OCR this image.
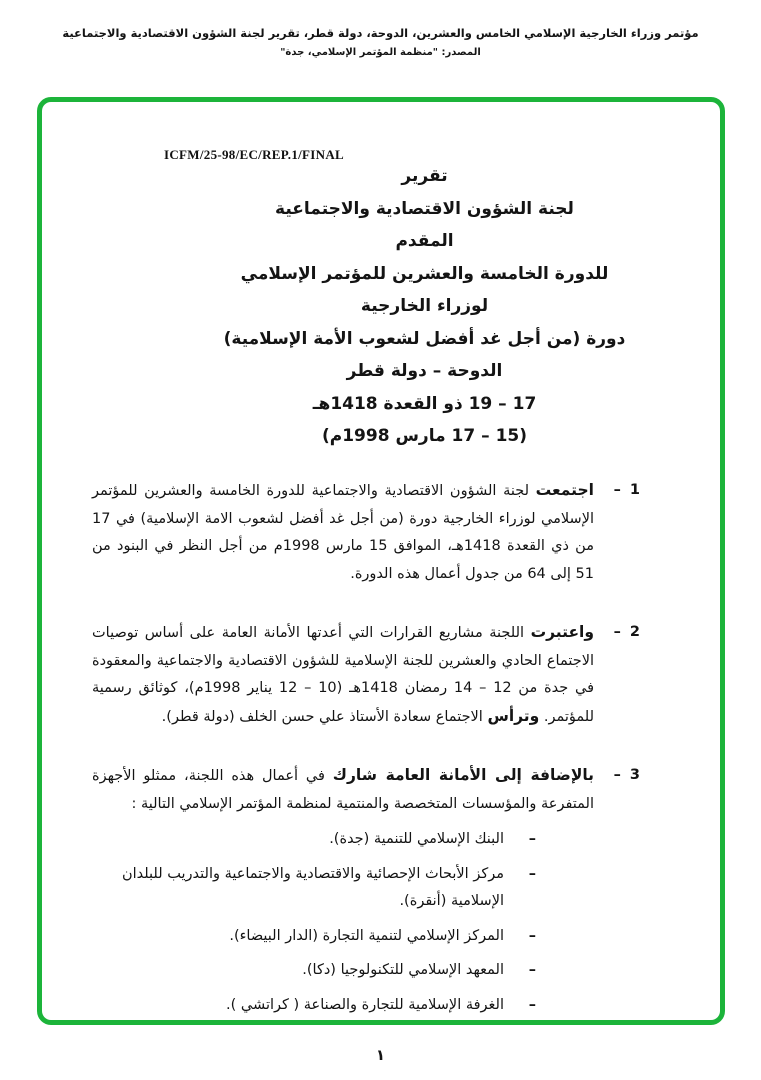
مؤتمر وزراء الخارجية الإسلامي الخامس والعشرين، الدوحة، دولة قطر، تقرير لجنة الشؤون الاقتصادية والاجتماعية
المصدر: "منظمة المؤتمر الإسلامي، جدة"
ICFM/25-98/EC/REP.1/FINAL
تقرير
لجنة الشؤون الاقتصادية والاجتماعية
المقدم
للدورة الخامسة والعشرين للمؤتمر الإسلامي
لوزراء الخارجية
دورة (من أجل غد أفضل لشعوب الأمة الإسلامية)
الدوحة – دولة قطر
17 – 19 ذو القعدة 1418هـ
(15 – 17 مارس 1998م)
1
–
اجتمعت لجنة الشؤون الاقتصادية والاجتماعية للدورة الخامسة والعشرين للمؤتمر الإسلامي لوزراء الخارجية دورة (من أجل غد أفضل لشعوب الامة الإسلامية) في 17 من ذي القعدة 1418هـ، الموافق 15 مارس 1998م من أجل النظر في البنود من 51 إلى 64 من جدول أعمال هذه الدورة.
2
–
واعتبرت اللجنة مشاريع القرارات التي أعدتها الأمانة العامة على أساس توصيات الاجتماع الحادي والعشرين للجنة الإسلامية للشؤون الاقتصادية والاجتماعية والمعقودة في جدة من 12 – 14 رمضان 1418هـ (10 – 12 يناير 1998م)، كوثائق رسمية للمؤتمر. وترأس الاجتماع سعادة الأستاذ علي حسن الخلف (دولة قطر).
3
–
بالإضافة إلى الأمانة العامة شارك في أعمال هذه اللجنة، ممثلو الأجهزة المتفرعة والمؤسسات المتخصصة والمنتمية لمنظمة المؤتمر الإسلامي التالية :
–
البنك الإسلامي للتنمية (جدة).
–
مركز الأبحاث الإحصائية والاقتصادية والاجتماعية والتدريب للبلدان الإسلامية (أنقرة).
–
المركز الإسلامي لتنمية التجارة (الدار البيضاء).
–
المعهد الإسلامي للتكنولوجيا (دكا).
–
الغرفة الإسلامية للتجارة والصناعة ( كراتشي ).
١
